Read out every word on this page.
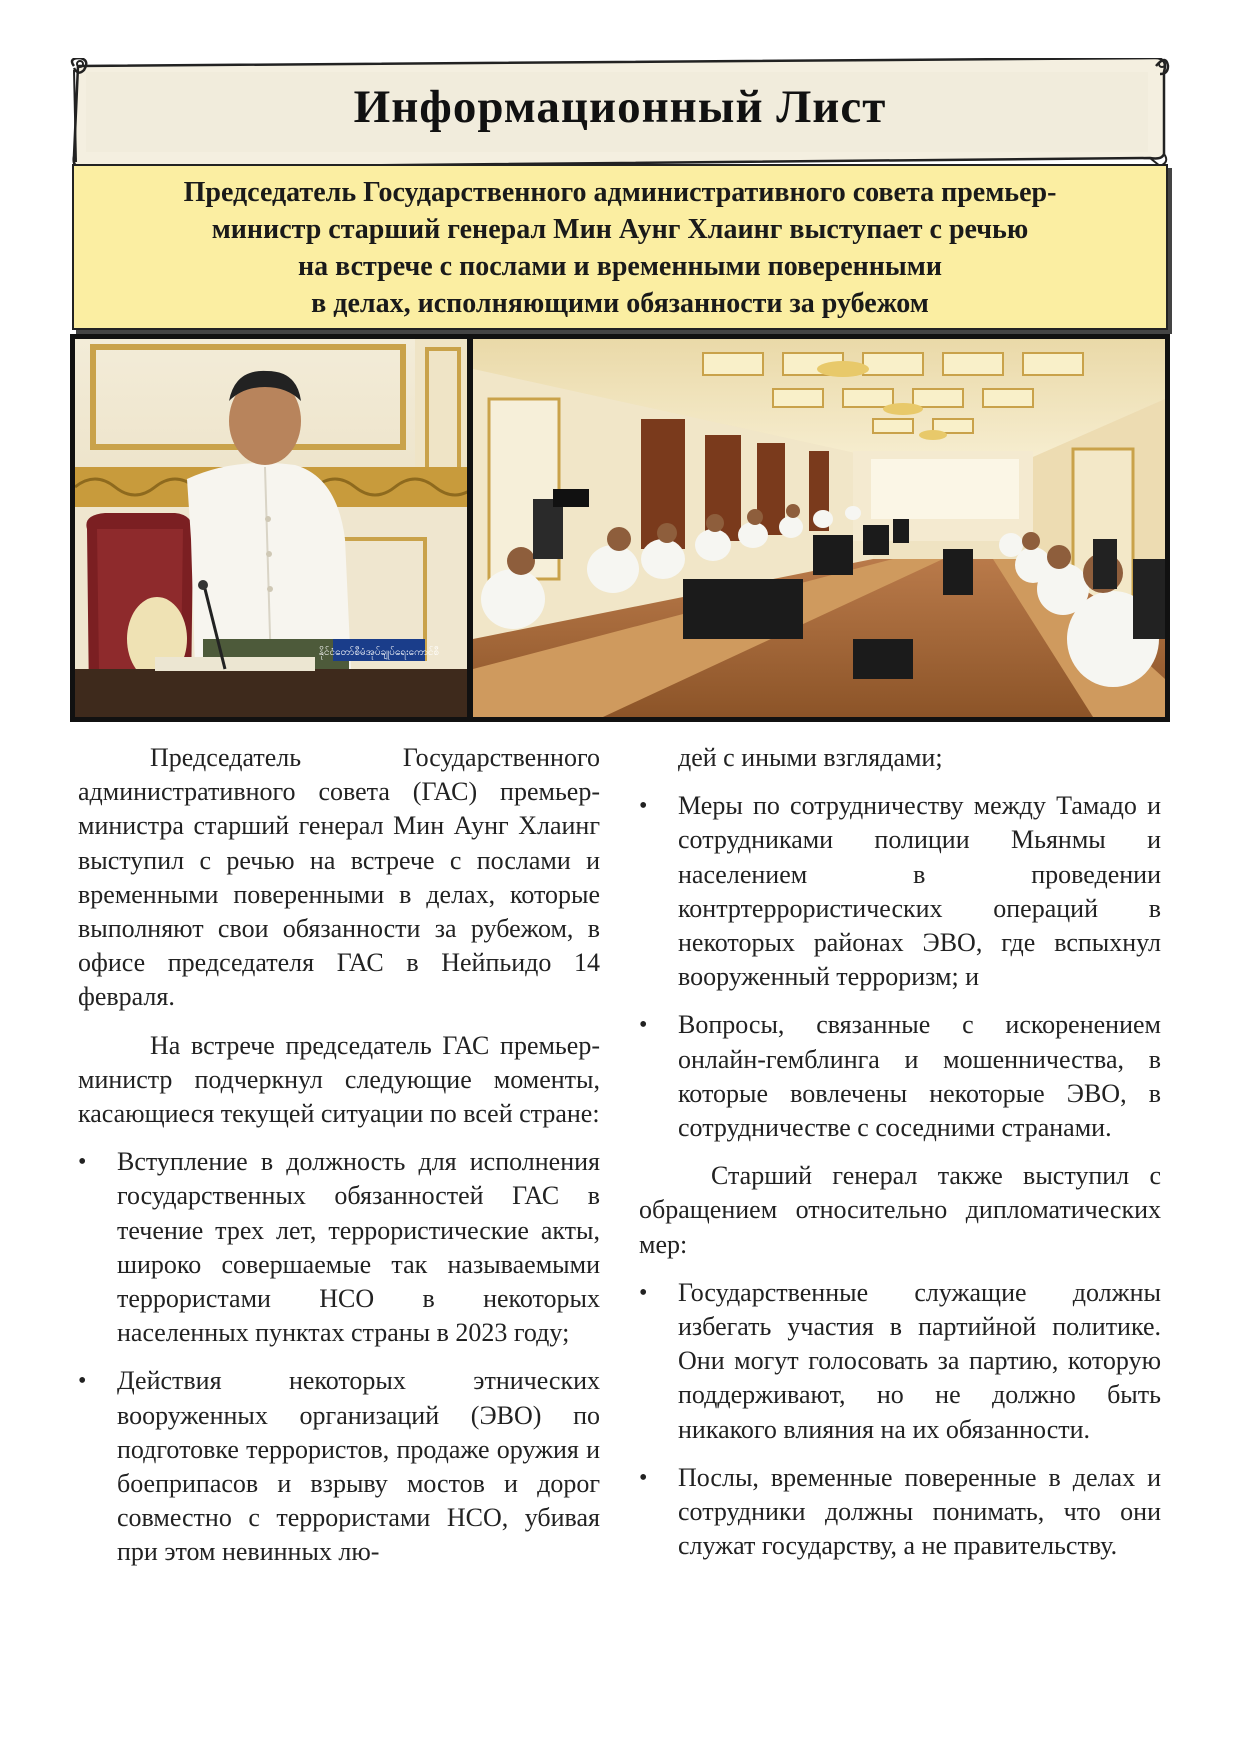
Информационный Лист
Председатель Государственного административного совета премьер-
министр старший генерал Мин Аунг Хлаинг выступает с речью
на встрече с послами и временными поверенными
в делах, исполняющими обязанности за рубежом
နိုင်ငံတော်စီမံအုပ်ချုပ်ရေးကောင်စီ

Председатель Государственного административного совета (ГАС) премьер-министра старший генерал Мин Аунг Хлаинг выступил с речью на встрече с послами и временными поверенными в делах, которые выполняют свои обязанности за рубежом, в офисе председателя ГАС в Нейпьидо 14 февраля.

На встрече председатель ГАС премьер-министр подчеркнул следующие моменты, касающиеся текущей ситуации по всей стране:

• Вступление в должность для исполнения государственных обязанностей ГАС в течение трех лет, террористические акты, широко совершаемые так называемыми террористами НСО в некоторых населенных пунктах страны в 2023 году;
• Действия некоторых этнических вооруженных организаций (ЭВО) по подготовке террористов, продаже оружия и боеприпасов и взрыву мостов и дорог совместно с террористами НСО, убивая при этом невинных лю-
дей с иными взглядами;
• Меры по сотрудничеству между Тамадо и сотрудниками полиции Мьянмы и населением в проведении контртеррористических операций в некоторых районах ЭВО, где вспыхнул вооруженный терроризм; и
• Вопросы, связанные с искоренением онлайн-гемблинга и мошенничества, в которые вовлечены некоторые ЭВО, в сотрудничестве с соседними странами.

Старший генерал также выступил с обращением относительно дипломатических мер:

• Государственные служащие должны избегать участия в партийной политике. Они могут голосовать за партию, которую поддерживают, но не должно быть никакого влияния на их обязанности.
• Послы, временные поверенные в делах и сотрудники должны понимать, что они служат государству, а не правительству.
